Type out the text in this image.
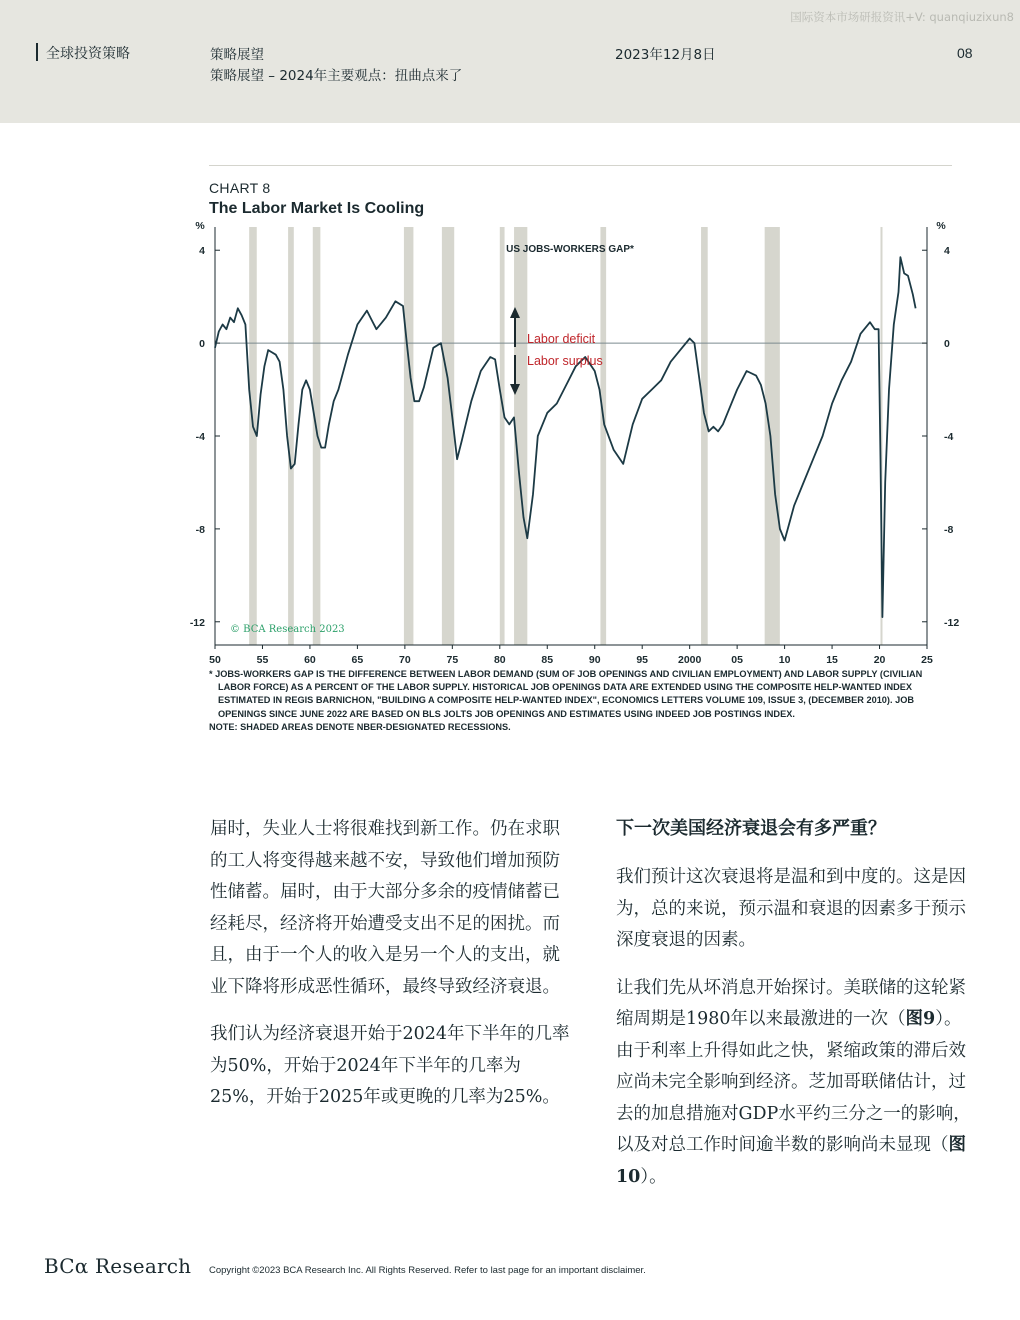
国际资本市场研报资讯+V: quanqiuzixun8
全球投资策略	策略展望
策略展望 – 2024年主要观点：扭曲点来了
2023年12月8日	08
CHART 8
The Labor Market Is Cooling
%	%
4	4
0	0
-4	-4
-8	-8
-12	-12
50	55	60	65	70	75	80	85	90	95	2000	05	10	15	20	25
US JOBS-WORKERS GAP*
Labor deficit
Labor surplus
© BCA Research 2023
* JOBS-WORKERS GAP IS THE DIFFERENCE BETWEEN LABOR DEMAND (SUM OF JOB OPENINGS AND CIVILIAN EMPLOYMENT) AND LABOR SUPPLY (CIVILIAN LABOR FORCE) AS A PERCENT OF THE LABOR SUPPLY. HISTORICAL JOB OPENINGS DATA ARE EXTENDED USING THE COMPOSITE HELP-WANTED INDEX ESTIMATED IN REGIS BARNICHON, "BUILDING A COMPOSITE HELP-WANTED INDEX", ECONOMICS LETTERS VOLUME 109, ISSUE 3, (DECEMBER 2010). JOB OPENINGS SINCE JUNE 2022 ARE BASED ON BLS JOLTS JOB OPENINGS AND ESTIMATES USING INDEED JOB POSTINGS INDEX.
NOTE: SHADED AREAS DENOTE NBER-DESIGNATED RECESSIONS.

届时，失业人士将很难找到新工作。仍在求职的工人将变得越来越不安，导致他们增加预防性储蓄。届时，由于大部分多余的疫情储蓄已经耗尽，经济将开始遭受支出不足的困扰。而且，由于一个人的收入是另一个人的支出，就业下降将形成恶性循环，最终导致经济衰退。

我们认为经济衰退开始于2024年下半年的几率为50%，开始于2024年下半年的几率为25%，开始于2025年或更晚的几率为25%。

下一次美国经济衰退会有多严重？

我们预计这次衰退将是温和到中度的。这是因为，总的来说，预示温和衰退的因素多于预示深度衰退的因素。

让我们先从坏消息开始探讨。美联储的这轮紧缩周期是1980年以来最激进的一次（图9）。由于利率上升得如此之快，紧缩政策的滞后效应尚未完全影响到经济。芝加哥联储估计，过去的加息措施对GDP水平约三分之一的影响，以及对总工作时间逾半数的影响尚未显现（图10）。

BCα Research Copyright ©2023 BCA Research Inc. All Rights Reserved. Refer to last page for an important disclaimer.
